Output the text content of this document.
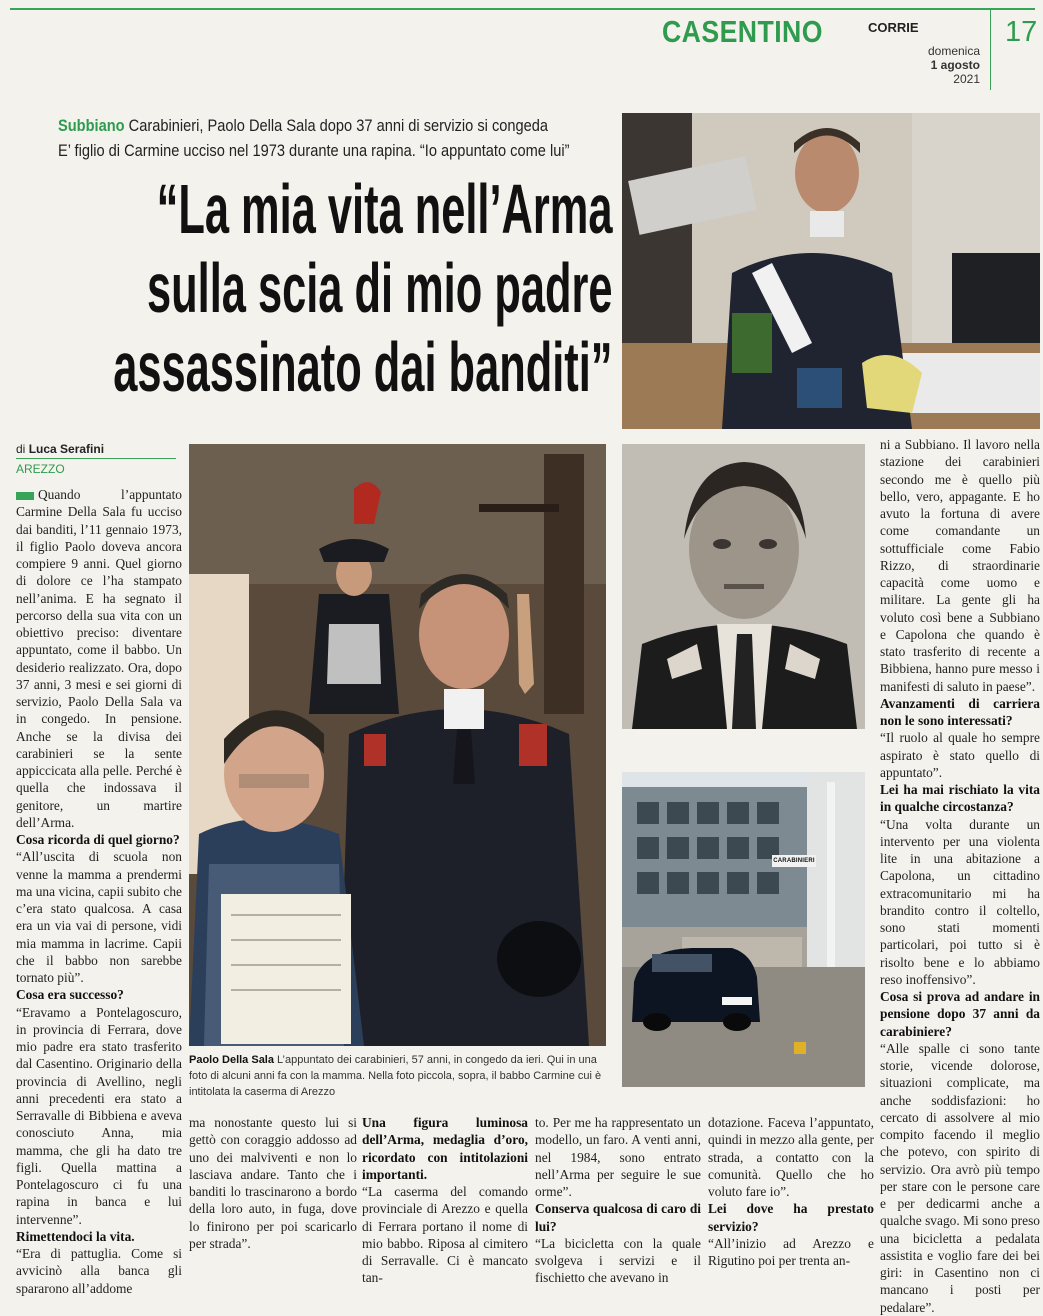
CASENTINO	CORRIE	17
domenica
1 agosto
2021
Subbiano Carabinieri, Paolo Della Sala dopo 37 anni di servizio si congeda
E’ figlio di Carmine ucciso nel 1973 durante una rapina. “Io appuntato come lui”
“La mia vita nell’Arma
sulla scia di mio padre
assassinato dai banditi”
di Luca Serafini
AREZZO
Paolo Della Sala L’appuntato dei carabinieri, 57 anni, in congedo da ieri. Qui in una foto di alcuni anni fa con la mamma. Nella foto piccola, sopra, il babbo Carmine cui è intitolata la caserma di Arezzo
CARABINIERI

Quando l’appuntato Carmine Della Sala fu ucciso dai banditi, l’11 gennaio 1973, il figlio Paolo doveva ancora compiere 9 anni. Quel giorno di dolore ce l’ha stampato nell’anima. E ha segnato il percorso della sua vita con un obiettivo preciso: diventare appuntato, come il babbo. Un desiderio realizzato. Ora, dopo 37 anni, 3 mesi e sei giorni di servizio, Paolo Della Sala va in congedo. In pensione. Anche se la divisa dei carabinieri se la sente appiccicata alla pelle. Perché è quella che indossava il genitore, un martire dell’Arma.

Cosa ricorda di quel giorno?

“All’uscita di scuola non venne la mamma a prendermi ma una vicina, capii subito che c’era stato qualcosa. A casa era un via vai di persone, vidi mia mamma in lacrime. Capii che il babbo non sarebbe tornato più”.

Cosa era successo?

“Eravamo a Pontelagoscuro, in provincia di Ferrara, dove mio padre era stato trasferito dal Casentino. Originario della provincia di Avellino, negli anni precedenti era stato a Serravalle di Bibbiena e aveva conosciuto Anna, mia mamma, che gli ha dato tre figli. Quella mattina a Pontelagoscuro ci fu una rapina in banca e lui intervenne”.

Rimettendoci la vita.

“Era di pattuglia. Come si avvicinò alla banca gli spararono all’addome

ma nonostante questo lui si gettò con coraggio addosso ad uno dei malviventi e non lo lasciava andare. Tanto che i banditi lo trascinarono a bordo della loro auto, in fuga, dove lo finirono per poi scaricarlo per strada”.

Una figura luminosa dell’Arma, medaglia d’oro, ricordato con intitolazioni importanti.

“La caserma del comando provinciale di Arezzo e quella di Ferrara portano il nome di mio babbo. Riposa al cimitero di Serravalle. Ci è mancato tan-

to. Per me ha rappresentato un modello, un faro. A venti anni, nel 1984, sono entrato nell’Arma per seguire le sue orme”.

Conserva qualcosa di caro di lui?

“La bicicletta con la quale svolgeva i servizi e il fischietto che avevano in

dotazione. Faceva l’appuntato, quindi in mezzo alla gente, per strada, a contatto con la comunità. Quello che ho voluto fare io”.

Lei dove ha prestato servizio?

“All’inizio ad Arezzo e Rigutino poi per trenta an-

ni a Subbiano. Il lavoro nella stazione dei carabinieri secondo me è quello più bello, vero, appagante. E ho avuto la fortuna di avere come comandante un sottufficiale come Fabio Rizzo, di straordinarie capacità come uomo e militare. La gente gli ha voluto così bene a Subbiano e Capolona che quando è stato trasferito di recente a Bibbiena, hanno pure messo i manifesti di saluto in paese”.

Avanzamenti di carriera non le sono interessati?

“Il ruolo al quale ho sempre aspirato è stato quello di appuntato”.

Lei ha mai rischiato la vita in qualche circostanza?

“Una volta durante un intervento per una violenta lite in una abitazione a Capolona, un cittadino extracomunitario mi ha brandito contro il coltello, sono stati momenti particolari, poi tutto si è risolto bene e lo abbiamo reso inoffensivo”.

Cosa si prova ad andare in pensione dopo 37 anni da carabiniere?

“Alle spalle ci sono tante storie, vicende dolorose, situazioni complicate, ma anche soddisfazioni: ho cercato di assolvere al mio compito facendo il meglio che potevo, con spirito di servizio. Ora avrò più tempo per stare con le persone care e per dedicarmi anche a qualche svago. Mi sono preso una bicicletta a pedalata assistita e voglio fare dei bei giri: in Casentino non ci mancano i posti per pedalare”.
